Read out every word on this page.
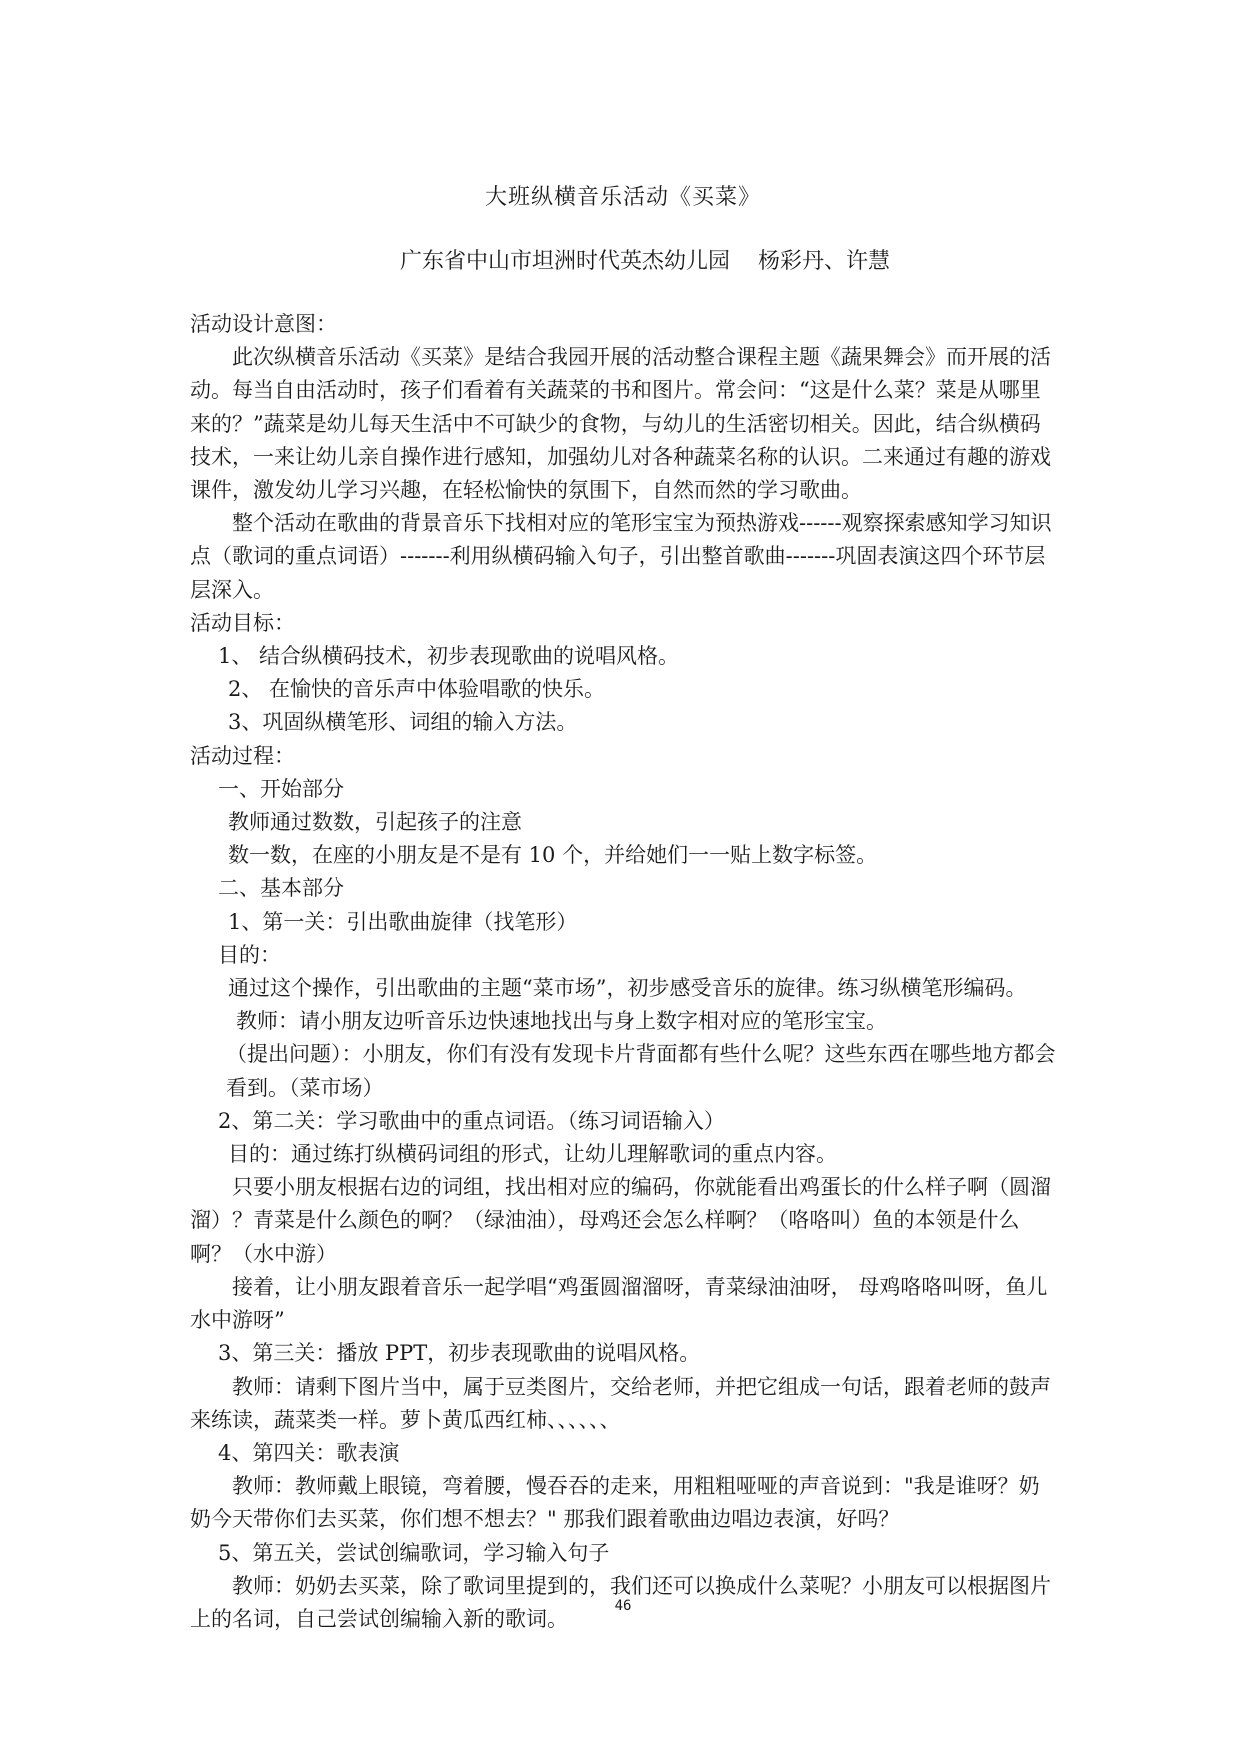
大班纵横音乐活动《买菜》
广东省中山市坦洲时代英杰幼儿园    杨彩丹、许慧

活动设计意图：

此次纵横音乐活动《买菜》是结合我园开展的活动整合课程主题《蔬果舞会》而开展的活动。每当自由活动时，孩子们看着有关蔬菜的书和图片。常会问：“这是什么菜？菜是从哪里来的？”蔬菜是幼儿每天生活中不可缺少的食物，与幼儿的生活密切相关。因此，结合纵横码技术，一来让幼儿亲自操作进行感知，加强幼儿对各种蔬菜名称的认识。二来通过有趣的游戏课件，激发幼儿学习兴趣，在轻松愉快的氛围下，自然而然的学习歌曲。

整个活动在歌曲的背景音乐下找相对应的笔形宝宝为预热游戏------观察探索感知学习知识点（歌词的重点词语）-------利用纵横码输入句子，引出整首歌曲-------巩固表演这四个环节层层深入。

活动目标：

1、 结合纵横码技术，初步表现歌曲的说唱风格。

2、 在愉快的音乐声中体验唱歌的快乐。

3、巩固纵横笔形、词组的输入方法。

活动过程：

一、开始部分

教师通过数数，引起孩子的注意

数一数，在座的小朋友是不是有 10 个，并给她们一一贴上数字标签。

二、基本部分

1、第一关：引出歌曲旋律（找笔形）

目的：

通过这个操作，引出歌曲的主题“菜市场”，初步感受音乐的旋律。练习纵横笔形编码。

教师：请小朋友边听音乐边快速地找出与身上数字相对应的笔形宝宝。

（提出问题）：小朋友，你们有没有发现卡片背面都有些什么呢？这些东西在哪些地方都会看到。（菜市场）

2、第二关：学习歌曲中的重点词语。（练习词语输入）

目的：通过练打纵横码词组的形式，让幼儿理解歌词的重点内容。

只要小朋友根据右边的词组，找出相对应的编码，你就能看出鸡蛋长的什么样子啊（圆溜溜）？青菜是什么颜色的啊？（绿油油），母鸡还会怎么样啊？（咯咯叫）鱼的本领是什么啊？（水中游）

接着，让小朋友跟着音乐一起学唱“鸡蛋圆溜溜呀，青菜绿油油呀， 母鸡咯咯叫呀，鱼儿水中游呀”

3、第三关：播放 PPT，初步表现歌曲的说唱风格。

教师：请剩下图片当中，属于豆类图片，交给老师，并把它组成一句话，跟着老师的鼓声来练读，蔬菜类一样。萝卜黄瓜西红柿、、、、、、

4、第四关：歌表演

教师：教师戴上眼镜，弯着腰，慢吞吞的走来，用粗粗哑哑的声音说到："我是谁呀？奶奶今天带你们去买菜，你们想不想去？" 那我们跟着歌曲边唱边表演，好吗？

5、第五关，尝试创编歌词，学习输入句子

教师：奶奶去买菜，除了歌词里提到的，我们还可以换成什么菜呢？小朋友可以根据图片上的名词，自己尝试创编输入新的歌词。

46
